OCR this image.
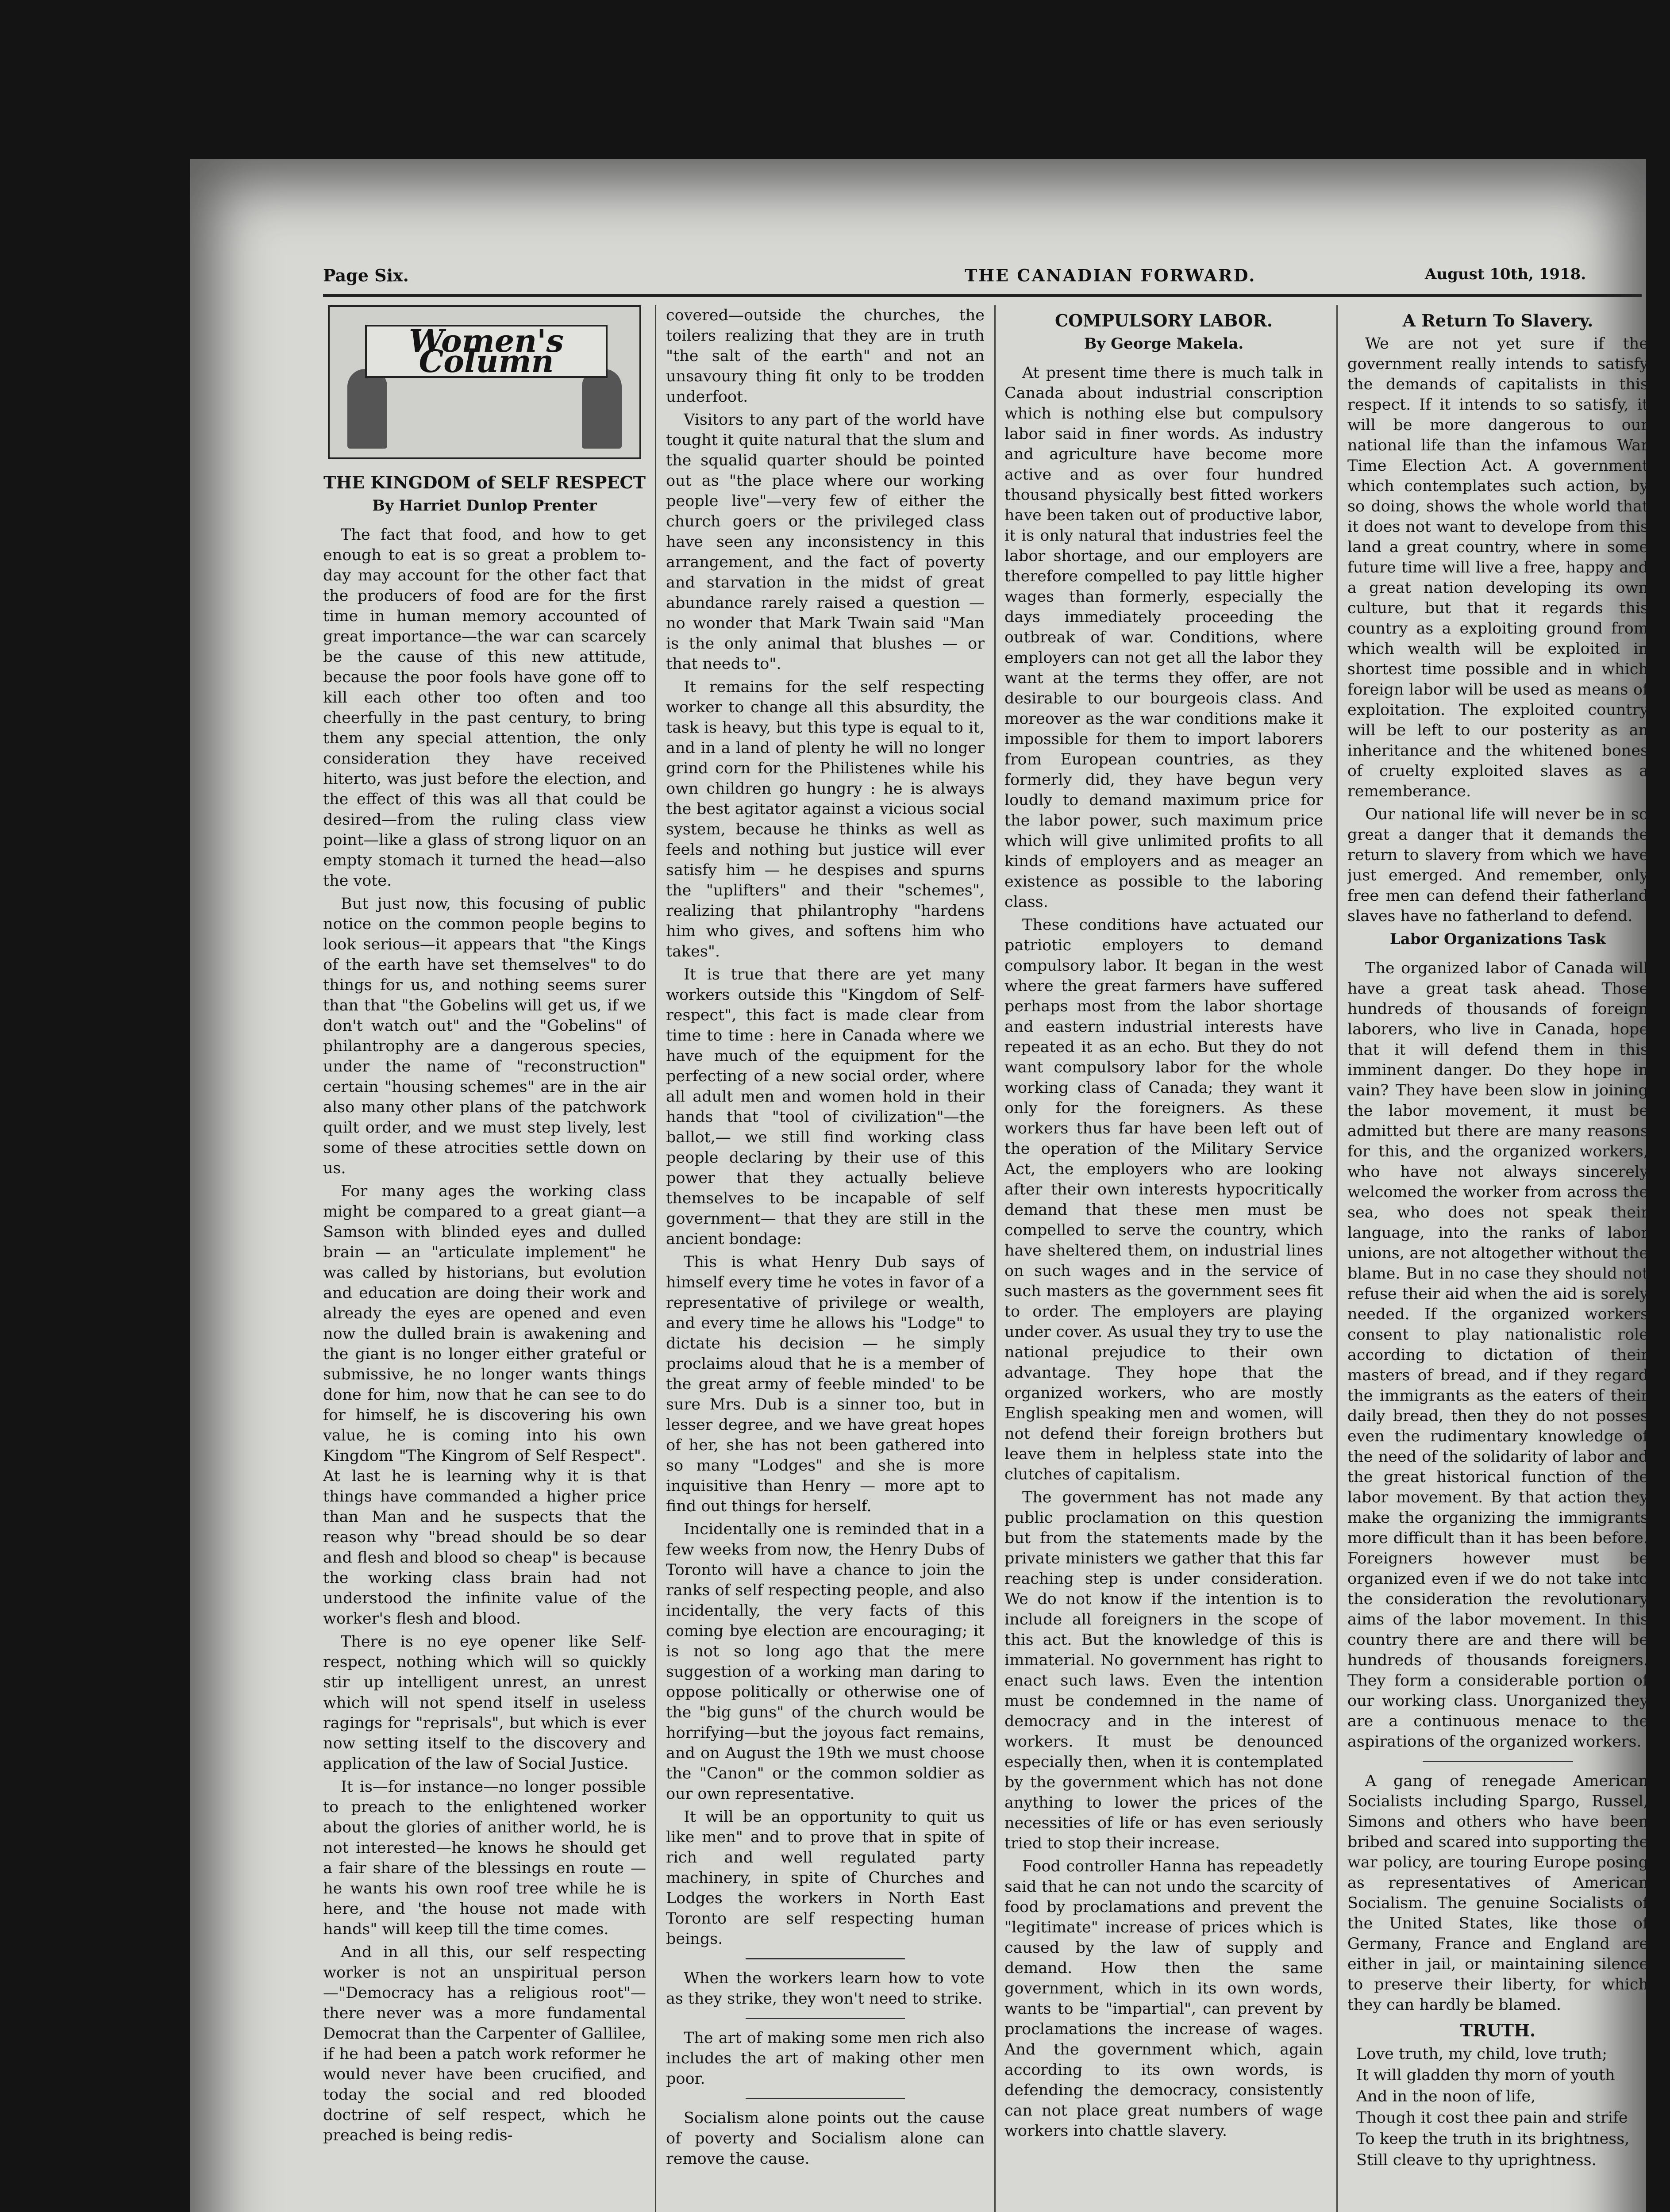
Page Six.	THE CANADIAN FORWARD.	August 10th, 1918.
Women's Column
THE KINGDOM of SELF RESPECT
By Harriet Dunlop Prenter

The fact that food, and how to get enough to eat is so great a problem to-day may account for the other fact that the producers of food are for the first time in human memory accounted of great importance—the war can scarcely be the cause of this new attitude, because the poor fools have gone off to kill each other too often and too cheerfully in the past century, to bring them any special attention, the only consideration they have received hiterto, was just before the election, and the effect of this was all that could be desired—from the ruling class view point—like a glass of strong liquor on an empty stomach it turned the head—also the vote.

But just now, this focusing of public notice on the common people begins to look serious—it appears that "the Kings of the earth have set themselves" to do things for us, and nothing seems surer than that "the Gobelins will get us, if we don't watch out" and the "Gobelins" of philantrophy are a dangerous species, under the name of "reconstruction" certain "housing schemes" are in the air also many other plans of the patchwork quilt order, and we must step lively, lest some of these atrocities settle down on us.

For many ages the working class might be compared to a great giant—a Samson with blinded eyes and dulled brain — an "articulate implement" he was called by historians, but evolution and education are doing their work and already the eyes are opened and even now the dulled brain is awakening and the giant is no longer either grateful or submissive, he no longer wants things done for him, now that he can see to do for himself, he is discovering his own value, he is coming into his own Kingdom "The Kingrom of Self Respect". At last he is learning why it is that things have commanded a higher price than Man and he suspects that the reason why "bread should be so dear and flesh and blood so cheap" is because the working class brain had not understood the infinite value of the worker's flesh and blood.

There is no eye opener like Self-respect, nothing which will so quickly stir up intelligent unrest, an unrest which will not spend itself in useless ragings for "reprisals", but which is ever now setting itself to the discovery and application of the law of Social Justice.

It is—for instance—no longer possible to preach to the enlightened worker about the glories of anither world, he is not interested—he knows he should get a fair share of the blessings en route — he wants his own roof tree while he is here, and 'the house not made with hands" will keep till the time comes.

And in all this, our self respecting worker is not an unspiritual person—"Democracy has a religious root"—there never was a more fundamental Democrat than the Carpenter of Gallilee, if he had been a patch work reformer he would never have been crucified, and today the social and red blooded doctrine of self respect, which he preached is being redis-

covered—outside the churches, the toilers realizing that they are in truth "the salt of the earth" and not an unsavoury thing fit only to be trodden underfoot.

Visitors to any part of the world have tought it quite natural that the slum and the squalid quarter should be pointed out as "the place where our working people live"—very few of either the church goers or the privileged class have seen any inconsistency in this arrangement, and the fact of poverty and starvation in the midst of great abundance rarely raised a question — no wonder that Mark Twain said "Man is the only animal that blushes — or that needs to".

It remains for the self respecting worker to change all this absurdity, the task is heavy, but this type is equal to it, and in a land of plenty he will no longer grind corn for the Philistenes while his own children go hungry : he is always the best agitator against a vicious social system, because he thinks as well as feels and nothing but justice will ever satisfy him — he despises and spurns the "uplifters" and their "schemes", realizing that philantrophy "hardens him who gives, and softens him who takes".

It is true that there are yet many workers outside this "Kingdom of Self-respect", this fact is made clear from time to time : here in Canada where we have much of the equipment for the perfecting of a new social order, where all adult men and women hold in their hands that "tool of civilization"—the ballot,— we still find working class people declaring by their use of this power that they actually believe themselves to be incapable of self government— that they are still in the ancient bondage:

This is what Henry Dub says of himself every time he votes in favor of a representative of privilege or wealth, and every time he allows his "Lodge" to dictate his decision — he simply proclaims aloud that he is a member of the great army of feeble minded' to be sure Mrs. Dub is a sinner too, but in lesser degree, and we have great hopes of her, she has not been gathered into so many "Lodges" and she is more inquisitive than Henry — more apt to find out things for herself.

Incidentally one is reminded that in a few weeks from now, the Henry Dubs of Toronto will have a chance to join the ranks of self respecting people, and also incidentally, the very facts of this coming bye election are encouraging; it is not so long ago that the mere suggestion of a working man daring to oppose politically or otherwise one of the "big guns" of the church would be horrifying—but the joyous fact remains, and on August the 19th we must choose the "Canon" or the common soldier as our own representative.

It will be an opportunity to quit us like men" and to prove that in spite of rich and well regulated party machinery, in spite of Churches and Lodges the workers in North East Toronto are self respecting human beings.

When the workers learn how to vote as they strike, they won't need to strike.

The art of making some men rich also includes the art of making other men poor.

Socialism alone points out the cause of poverty and Socialism alone can remove the cause.

COMPULSORY LABOR.
By George Makela.

At present time there is much talk in Canada about industrial conscription which is nothing else but compulsory labor said in finer words. As industry and agriculture have become more active and as over four hundred thousand physically best fitted workers have been taken out of productive labor, it is only natural that industries feel the labor shortage, and our employers are therefore compelled to pay little higher wages than formerly, especially the days immediately proceeding the outbreak of war. Conditions, where employers can not get all the labor they want at the terms they offer, are not desirable to our bourgeois class. And moreover as the war conditions make it impossible for them to import laborers from European countries, as they formerly did, they have begun very loudly to demand maximum price for the labor power, such maximum price which will give unlimited profits to all kinds of employers and as meager an existence as possible to the laboring class.

These conditions have actuated our patriotic employers to demand compulsory labor. It began in the west where the great farmers have suffered perhaps most from the labor shortage and eastern industrial interests have repeated it as an echo. But they do not want compulsory labor for the whole working class of Canada; they want it only for the foreigners. As these workers thus far have been left out of the operation of the Military Service Act, the employers who are looking after their own interests hypocritically demand that these men must be compelled to serve the country, which have sheltered them, on industrial lines on such wages and in the service of such masters as the government sees fit to order. The employers are playing under cover. As usual they try to use the national prejudice to their own advantage. They hope that the organized workers, who are mostly English speaking men and women, will not defend their foreign brothers but leave them in helpless state into the clutches of capitalism.

The government has not made any public proclamation on this question but from the statements made by the private ministers we gather that this far reaching step is under consideration. We do not know if the intention is to include all foreigners in the scope of this act. But the knowledge of this is immaterial. No government has right to enact such laws. Even the intention must be condemned in the name of democracy and in the interest of workers. It must be denounced especially then, when it is contemplated by the government which has not done anything to lower the prices of the necessities of life or has even seriously tried to stop their increase.

Food controller Hanna has repeadetly said that he can not undo the scarcity of food by proclamations and prevent the "legitimate" increase of prices which is caused by the law of supply and demand. How then the same government, which in its own words, wants to be "impartial", can prevent by proclamations the increase of wages. And the government which, again according to its own words, is defending the democracy, consistently can not place great numbers of wage workers into chattle slavery.

A Return To Slavery.

We are not yet sure if the government really intends to satisfy the demands of capitalists in this respect. If it intends to so satisfy, it will be more dangerous to our national life than the infamous War Time Election Act. A government which contemplates such action, by so doing, shows the whole world that it does not want to develope from this land a great country, where in some future time will live a free, happy and a great nation developing its own culture, but that it regards this country as a exploiting ground from which wealth will be exploited in shortest time possible and in which foreign labor will be used as means of exploitation. The exploited country will be left to our posterity as an inheritance and the whitened bones of cruelty exploited slaves as a rememberance.

Our national life will never be in so great a danger that it demands the return to slavery from which we have just emerged. And remember, only free men can defend their fatherland slaves have no fatherland to defend.

Labor Organizations Task

The organized labor of Canada will have a great task ahead. Those hundreds of thousands of foreign laborers, who live in Canada, hope that it will defend them in this imminent danger. Do they hope in vain? They have been slow in joining the labor movement, it must be admitted but there are many reasons for this, and the organized workers, who have not always sincerely welcomed the worker from across the sea, who does not speak their language, into the ranks of labor unions, are not altogether without the blame. But in no case they should not refuse their aid when the aid is sorely needed. If the organized workers consent to play nationalistic role according to dictation of their masters of bread, and if they regard the immigrants as the eaters of their daily bread, then they do not posses even the rudimentary knowledge of the need of the solidarity of labor and the great historical function of the labor movement. By that action they make the organizing the immigrants more difficult than it has been before. Foreigners however must be organized even if we do not take into the consideration the revolutionary aims of the labor movement. In this country there are and there will be hundreds of thousands foreigners. They form a considerable portion of our working class. Unorganized they are a continuous menace to the aspirations of the organized workers.

A gang of renegade American Socialists including Spargo, Russel, Simons and others who have been bribed and scared into supporting the war policy, are touring Europe posing as representatives of American Socialism. The genuine Socialists of the United States, like those of Germany, France and England are either in jail, or maintaining silence to preserve their liberty, for which they can hardly be blamed.

TRUTH.
Love truth, my child, love truth;
It will gladden thy morn of youth
And in the noon of life,
Though it cost thee pain and strife
To keep the truth in its brightness,
Still cleave to thy uprightness.
